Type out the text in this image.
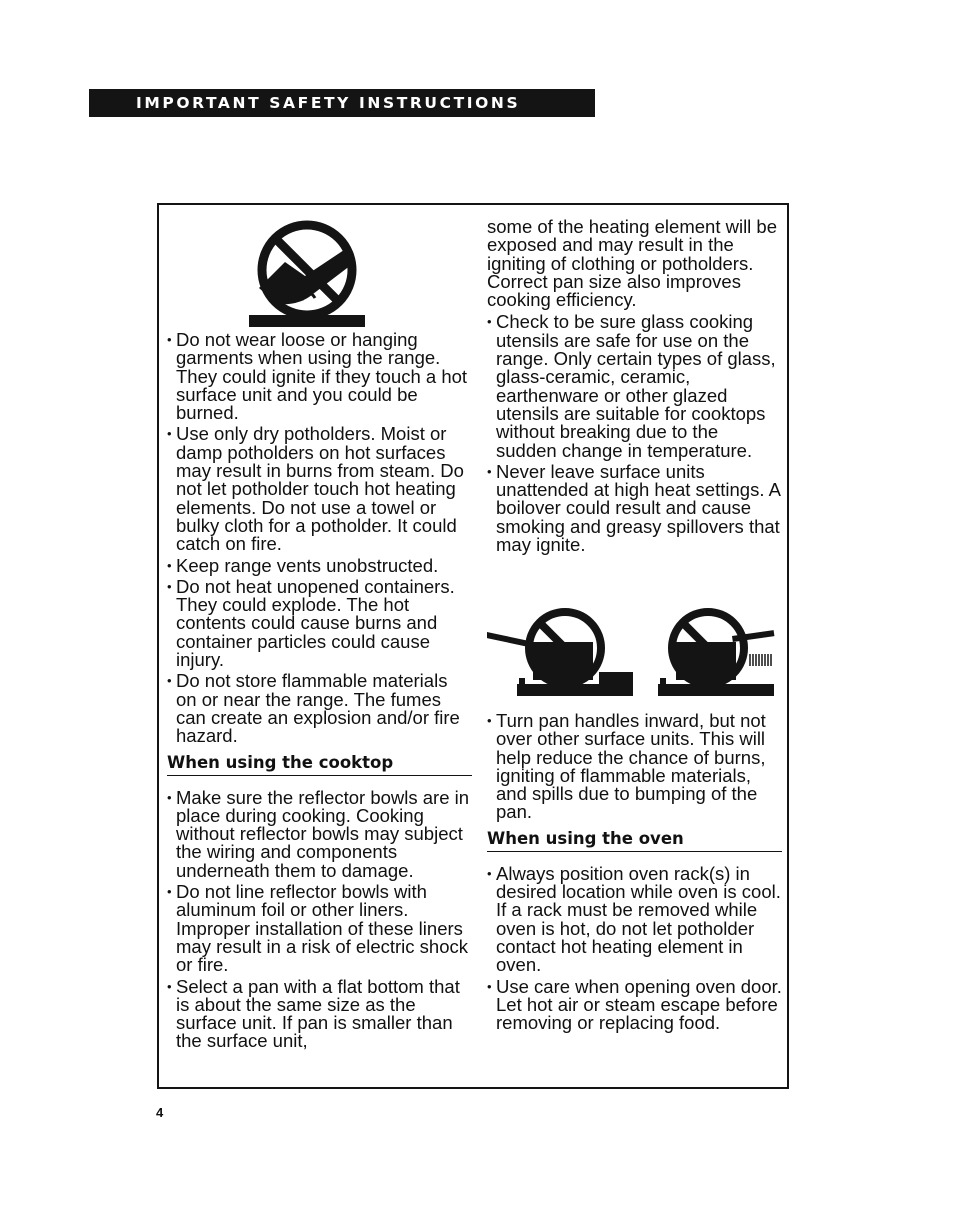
IMPORTANT SAFETY INSTRUCTIONS
• Do not wear loose or hanging garments when using the range. They could ignite if they touch a hot surface unit and you could be burned.
• Use only dry potholders. Moist or damp potholders on hot surfaces may result in burns from steam. Do not let potholder touch hot heating elements. Do not use a towel or bulky cloth for a potholder. It could catch on fire.
• Keep range vents unobstructed.
• Do not heat unopened containers. They could explode. The hot contents could cause burns and container particles could cause injury.
• Do not store flammable materials on or near the range. The fumes can create an explosion and/or fire hazard.
When using the cooktop
• Make sure the reflector bowls are in place during cooking. Cooking without reflector bowls may subject the wiring and components underneath them to damage.
• Do not line reflector bowls with aluminum foil or other liners. Improper installation of these liners may result in a risk of electric shock or fire.
• Select a pan with a flat bottom that is about the same size as the surface unit. If pan is smaller than the surface unit,
some of the heating element will be exposed and may result in the igniting of clothing or potholders. Correct pan size also improves cooking efficiency.
• Check to be sure glass cooking utensils are safe for use on the range. Only certain types of glass, glass-ceramic, ceramic, earthenware or other glazed utensils are suitable for cooktops without breaking due to the sudden change in temperature.
• Never leave surface units unattended at high heat settings. A boilover could result and cause smoking and greasy spillovers that may ignite.
• Turn pan handles inward, but not over other surface units. This will help reduce the chance of burns, igniting of flammable materials, and spills due to bumping of the pan.
When using the oven
• Always position oven rack(s) in desired location while oven is cool. If a rack must be removed while oven is hot, do not let potholder contact hot heating element in oven.
• Use care when opening oven door. Let hot air or steam escape before removing or replacing food.
4
